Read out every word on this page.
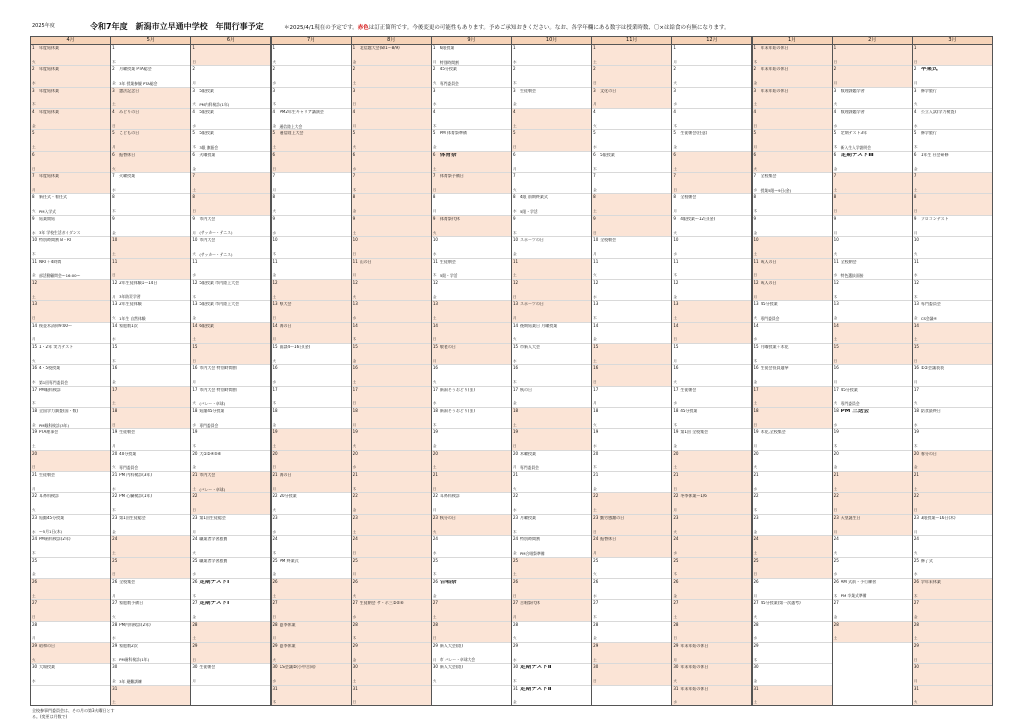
2025年度	令和7年度　新潟市立早通中学校　年間行事予定	＊2025/4/1現在の予定です。赤色は訂正箇所です。今後変更の可能性もあります。予めご承知おきください。なお、各学年欄にある数字は授業時数、〇×は給食の有無になります。
4月
1
火
年度始休業
2
水
年度始休業
3
木
年度始休業
4
金
年度始休業
5
土
6
日
7
月
年度始休業
8
火
新任式・着任式
PM入学式
9
水
始業開始
3年 学校生活ガイダンス
10
木
特別時間割 B・RT
11
金
NRT＋4時間
部活動顧問会〜16:00〜
12
土
13
日
14
月
桜並木清掃9:00〜
15
火
1・2年 実力テスト
16
水
4・5校授業
第1回専門委員会
17
木
PM眼科検診
18
金
全国学力調査(国・数)
PM眼科検診(3年)
19
土
PTA理事会
20
日
21
月
生徒朝会
22
火
耳鼻科検診
23
水
短縮45分授業
〜5月1日(木)
24
木
PM歯科検診(2年)
25
金
26
土
27
日
28
月
29
火
昭和の日
30
水
大場授業
5月
1
木
2
金
月曜授業 PTA総会
3年 授業参観 PTA総会
3
土
憲法記念日
4
日
みどりの日
5
月
こどもの日
6
火
振替休日
7
水
火曜授業
8
木
9
金
10
土
11
日
12
月
2年生徒体験1〜14日
3年防災学習
13
火
2年生徒体験
1年生 自然体験
14
水
家庭数1次
15
木
16
金
17
土
18
日
19
月
生徒朝会
20
火
40分授業
専門委員会
21
水
PM 内科検診(3年)
22
木
PM 心臓検診(1年)
23
金
第1回生徒総会
24
土
25
日
26
月
全校集会
27
火
家庭数予備日
28
水
PM内科検診(2年)
29
木
家庭数2次
PM歯科検診(1年)
30
金 3年 避難訓練
31
土
6月
1
日
2
月
3
火
5限授業
PM内科検診(1年)
4
水
5限授業
5
木
5限授業
3限 旗振会
6
金
火曜授業
7
土
8
日
9
月
市内大会
(サッカー・テニス)
10
火
市内大会
(サッカー・テニス)
11
水
12
木
5限授業 市内陸上大会
13
金
5限授業 市内陸上大会
14
土
6限授業
15
日
16
月
市内大会 特別時間割
17
火
市内大会 特別時間割
(バレー・卓球)
18
水
短縮45分授業
専門委員会
19
木
20
金
大①②④⑤⑥
21
土
市内大会
(バレー・卓球)
22
日
23
月
第1回生徒総会
24
火
職業者学習旅費
25
水
職業者学習旅費
26
木
定期テストⅠ
27
金
定期テストⅠ
28
土
29
日
30
月
生徒朝会
7月
1
火
2
水
3
木
4
金
PM2年生キャリア講演会
通信陸上大会
5
土
通信陸上大会
6
日
7
月
8
火
9
水
10
木
11
金
12
土
13
日
県大会
14
月
海の日
15
火
面談4〜16日(金)
16
水
17
木
18
金
19
土
20
日
21
月
海の日
22
火
20分授業
23
水
24
木
25
金
PM 終業式
26
土
27
日
28
月
夏季休業
29
火
夏季休業
30
水
CS会議②(小中合同)
31
木
8月
1
金
北信越大会(8/1〜8/9)
2
土
3
日
4
月
5
火
6
水
7
木
8
金
9
土
10
日
11
月
山の日
12
火
13
水
14
木
15
金
16
土
17
日
18
月
19
火
20
水
21
木
22
金
23
土
24
日
25
月
26
火
27
水
生徒朝会 サ・ホ三②⑤⑥
28
木
29
金
30
土
31
日
9月
1
月
6限授業
特別時間割
2
火
45分授業
専門委員会
3
水
4
木
5
金
PM 体育祭準備
6
土
体育祭
7
日
体育祭予備日
8
月
9
火
体育祭代休
10
水
11
木
生徒朝会
5限・学活
12
金
13
土
14
日
15
月
敬老の日
16
火
17
水
新潟そうおどり(ま)
18
木
新潟そうおどり(ま)
19
金
20
土
21
日
22
月
耳鼻科検診
23
火
秋分の日
24
水
25
木
26
金
合唱祭
27
土
28
日
29
月
新人大会(陸)
市 バレー・卓球大会
30
火
新人大会(陸)
10月
1
水
2
木
3
金
生徒朝会
4
土
5
日
6
月
7
火
8
水
4限 前期終業式
5限・学活
9
木
10
金
スポーツの日
11
土
12
日
13
月
スポーツの日
14
火
後期始業日 月曜授業
15
水
市新人大会
16
木
17
金
秋の日
18
土
19
日
20
月
木曜授業
専門委員会
21
火
22
水
23
木
月曜授業
24
金
特別時間割
PM合唱祭準備
25
土
26
日
27
月
合唱祭代休
28
火
29
水
30
木
定期テストⅡ
31
金
定期テストⅡ
11月
1
土
2
日
3
月
文化の日
4
火
5
水
6
木
5限授業
7
金
8
土
9
日
10
月
全校朝会
11
火
12
水
13
木
14
金
15
土
16
日
17
月
18
火
19
水
20
木
21
金
22
土
23
日
勤労感謝の日
24
月
振替休日
25
火
26
水
27
木
28
金
29
土
30
日
12月
1
月
2
火
3
水
4
木
5
金
生徒朝会(任意)
6
土
7
日
8
月
全校朝会
9
火
4限授業〜12日(金)
10
水
11
木
12
金
13
土
14
日
15
月
16
火
17
水
生徒朝会
18
木
45分授業
19
金
第1回 全校集会
20
土
21
日
22
月
冬季休業〜1/6
23
火
24
水
25
木
26
金
27
土
28
日
29
月
年末年始の休日
30
火
年末年始の休日
31
水
年末年始の休日
1月
1
木
年末年始の休日
2
金
年末年始の休日
3
土
年末年始の休日
4
日
5
月
6
火
7
水
全校集会
授業5限〜9日(金)
8
木
9
金
10
土
11
日
成人の日
12
月
成人の日
13
火
45分授業
専門委員会
14
水
15
木
月曜授業＋木花
16
金
生徒会役員選挙
17
土
18
日
19
月
木花,全校集会
20
火
21
水
22
木
23
金
24
土
25
日
26
月
27
火
45分授業(第一次選考)
28
水
29
木
30
金
31
土
2月
1
日
2
月
3
火
数理課題学習
4
水
数理課題学習
5
木
定期テスト3年
新入生入学説明会
6
金
定期テストⅢ
7
土
8
日
9
月
10
火
11
水
全校朝会
特色選抜面接
12
木
13
金
14
土
15
日
16
月
17
火
45分授業
専門委員会
18
水
PM 三送会
19
木
20
金
21
土
22
日
23
月
天皇誕生日
24
火
25
水
26
木
AM 式前・予行練習
PM 卒業式準備
27
金
28
土
3月
1
日
2
月
卒業式
3
火
修学旅行
4
水
公立入試(学力検査)
5
木
修学旅行
6
金
1年生 社会研修
7
土
8
日
9
月
ソロコンテスト
10
火
11
水
12
木
13
金
専門委員会
CS会議④
14
土
15
日
16
月
①②会議表表
17
火
18
水
給食最終日
19
木
20
金
春分の日
21
土
22
日
23
月
3限授業〜16日(木)
24
火
25
水
修了式
26
木
学年末休業
27
金
28
土
29
日
30
月
31
火
全校参事門委員会は、その月の第3火曜日とする。(変更は月数で)
